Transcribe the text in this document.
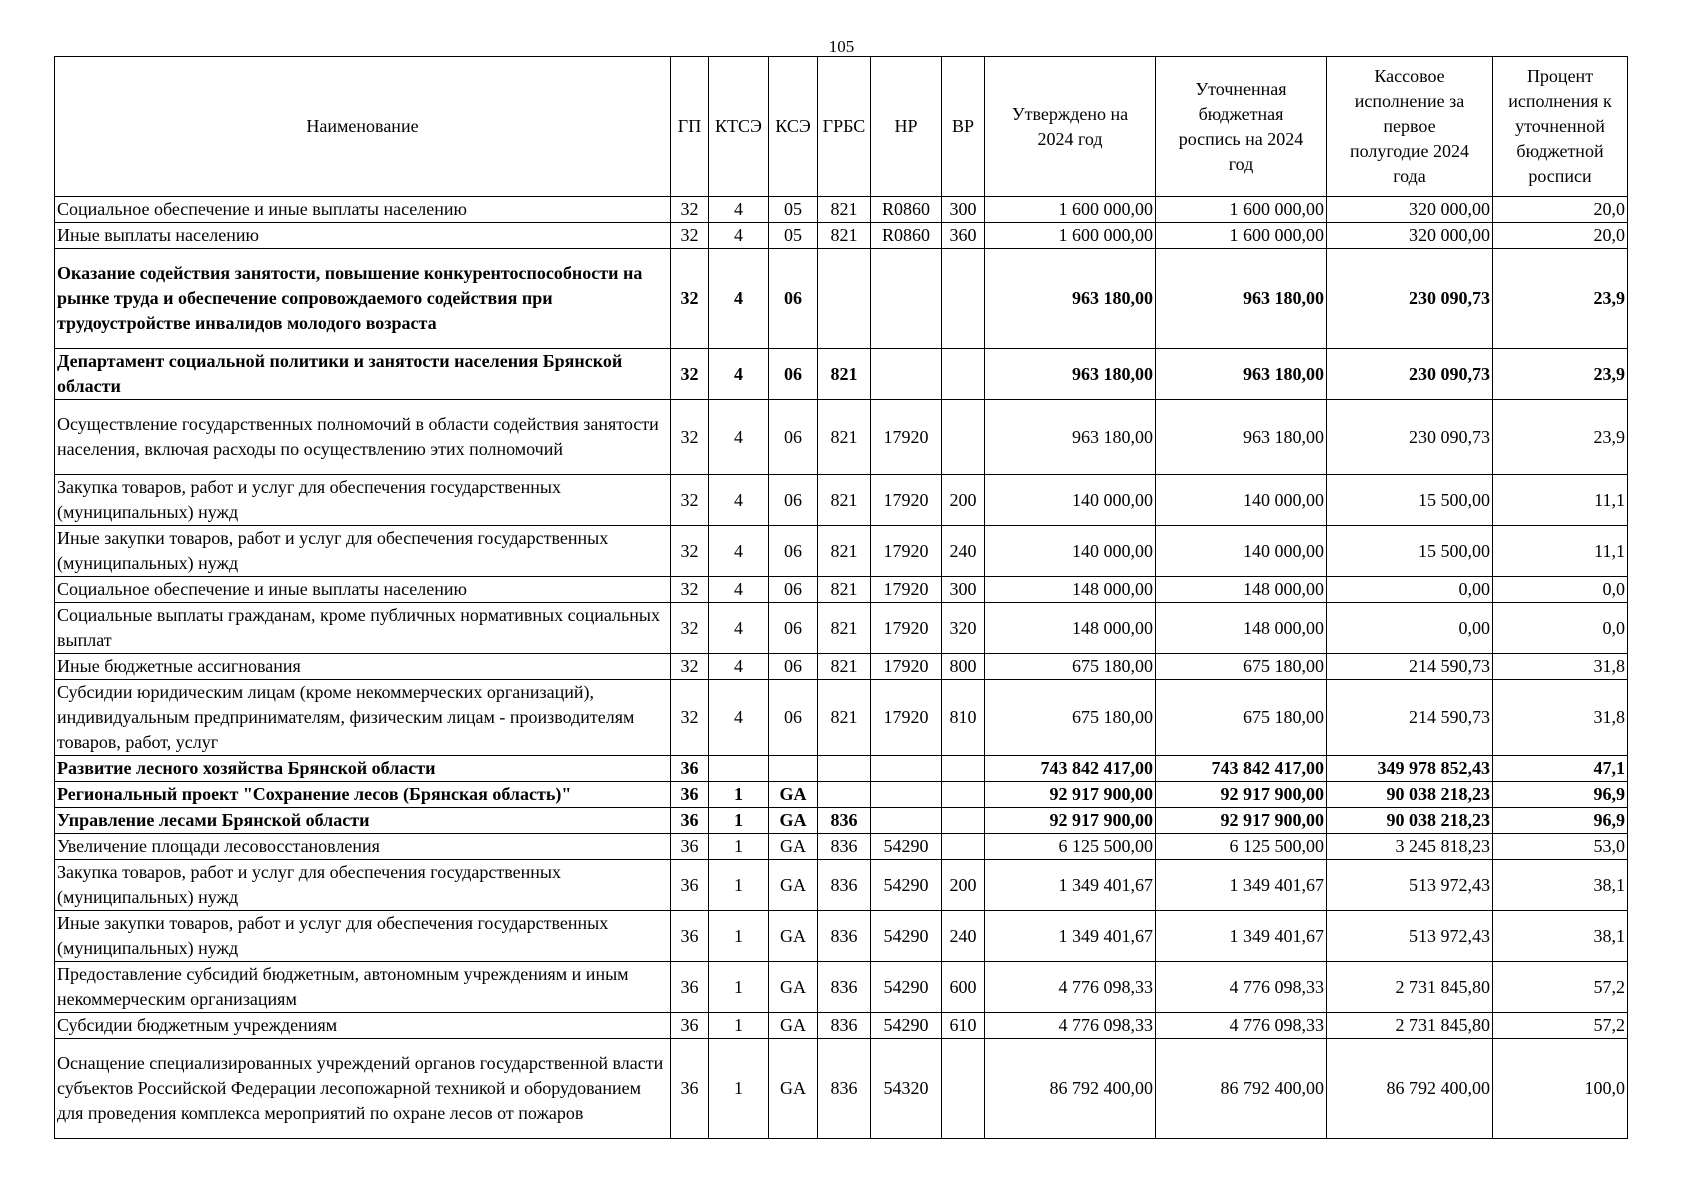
105
Наименование	ГП	КТСЭ	КСЭ	ГРБС	НР	ВР	Утверждено на 2024 год	Уточненная бюджетная роспись на 2024 год	Кассовое исполнение за первое полугодие 2024 года	Процент исполнения к уточненной бюджетной росписи
Социальное обеспечение и иные выплаты населению	32	4	05	821	R0860	300	1 600 000,00	1 600 000,00	320 000,00	20,0
Иные выплаты населению	32	4	05	821	R0860	360	1 600 000,00	1 600 000,00	320 000,00	20,0
Оказание содействия занятости, повышение конкурентоспособности на рынке труда и обеспечение сопровождаемого содействия при трудоустройстве инвалидов молодого возраста	32	4	06				963 180,00	963 180,00	230 090,73	23,9
Департамент социальной политики и занятости населения Брянской области	32	4	06	821			963 180,00	963 180,00	230 090,73	23,9
Осуществление государственных полномочий в области содействия занятости населения, включая расходы по осуществлению этих полномочий	32	4	06	821	17920		963 180,00	963 180,00	230 090,73	23,9
Закупка товаров, работ и услуг для обеспечения государственных (муниципальных) нужд	32	4	06	821	17920	200	140 000,00	140 000,00	15 500,00	11,1
Иные закупки товаров, работ и услуг для обеспечения государственных (муниципальных) нужд	32	4	06	821	17920	240	140 000,00	140 000,00	15 500,00	11,1
Социальное обеспечение и иные выплаты населению	32	4	06	821	17920	300	148 000,00	148 000,00	0,00	0,0
Социальные выплаты гражданам, кроме публичных нормативных социальных выплат	32	4	06	821	17920	320	148 000,00	148 000,00	0,00	0,0
Иные бюджетные ассигнования	32	4	06	821	17920	800	675 180,00	675 180,00	214 590,73	31,8
Субсидии юридическим лицам (кроме некоммерческих организаций), индивидуальным предпринимателям, физическим лицам - производителям товаров, работ, услуг	32	4	06	821	17920	810	675 180,00	675 180,00	214 590,73	31,8
Развитие лесного хозяйства Брянской области	36						743 842 417,00	743 842 417,00	349 978 852,43	47,1
Региональный проект "Сохранение лесов (Брянская область)"	36	1	GA				92 917 900,00	92 917 900,00	90 038 218,23	96,9
Управление лесами Брянской области	36	1	GA	836			92 917 900,00	92 917 900,00	90 038 218,23	96,9
Увеличение площади лесовосстановления	36	1	GA	836	54290		6 125 500,00	6 125 500,00	3 245 818,23	53,0
Закупка товаров, работ и услуг для обеспечения государственных (муниципальных) нужд	36	1	GA	836	54290	200	1 349 401,67	1 349 401,67	513 972,43	38,1
Иные закупки товаров, работ и услуг для обеспечения государственных (муниципальных) нужд	36	1	GA	836	54290	240	1 349 401,67	1 349 401,67	513 972,43	38,1
Предоставление субсидий бюджетным, автономным учреждениям и иным некоммерческим организациям	36	1	GA	836	54290	600	4 776 098,33	4 776 098,33	2 731 845,80	57,2
Субсидии бюджетным учреждениям	36	1	GA	836	54290	610	4 776 098,33	4 776 098,33	2 731 845,80	57,2
Оснащение специализированных учреждений органов государственной власти субъектов Российской Федерации лесопожарной техникой и оборудованием для проведения комплекса мероприятий по охране лесов от пожаров	36	1	GA	836	54320		86 792 400,00	86 792 400,00	86 792 400,00	100,0
